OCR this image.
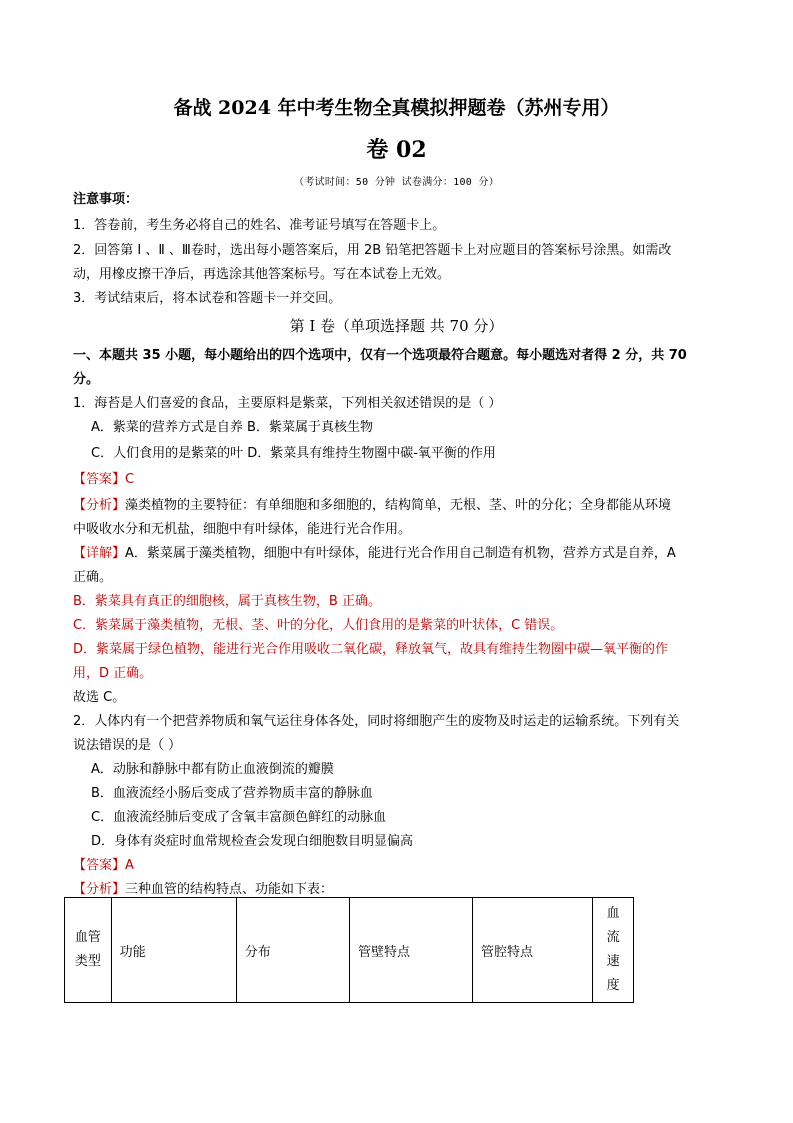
备战 2024 年中考生物全真模拟押题卷（苏州专用）
卷 02
（考试时间：50 分钟 试卷满分：100 分）
注意事项：
1．答卷前，考生务必将自己的姓名、准考证号填写在答题卡上。
2．回答第 Ⅰ 、Ⅱ 、Ⅲ卷时，选出每小题答案后，用 2B 铅笔把答题卡上对应题目的答案标号涂黑。如需改
动，用橡皮擦干净后，再选涂其他答案标号。写在本试卷上无效。
3．考试结束后，将本试卷和答题卡一并交回。
第 I 卷（单项选择题 共 70 分）
一、本题共 35 小题，每小题给出的四个选项中，仅有一个选项最符合题意。每小题选对者得 2 分，共 70
分。
1．海苔是人们喜爱的食品，主要原料是紫菜，下列相关叙述错误的是（ ）
A．紫菜的营养方式是自养 B．紫菜属于真核生物
C．人们食用的是紫菜的叶 D．紫菜具有维持生物圈中碳-氧平衡的作用
【答案】C
【分析】藻类植物的主要特征：有单细胞和多细胞的，结构简单，无根、茎、叶的分化；全身都能从环境
中吸收水分和无机盐，细胞中有叶绿体，能进行光合作用。
【详解】A．紫菜属于藻类植物，细胞中有叶绿体，能进行光合作用自己制造有机物，营养方式是自养，A
正确。
B．紫菜具有真正的细胞核，属于真核生物，B 正确。
C．紫菜属于藻类植物，无根、茎、叶的分化，人们食用的是紫菜的叶状体，C 错误。
D．紫菜属于绿色植物，能进行光合作用吸收二氧化碳，释放氧气，故具有维持生物圈中碳—氧平衡的作
用，D 正确。
故选 C。
2．人体内有一个把营养物质和氧气运往身体各处，同时将细胞产生的废物及时运走的运输系统。下列有关
说法错误的是（ ）
A．动脉和静脉中都有防止血液倒流的瓣膜
B．血液流经小肠后变成了营养物质丰富的静脉血
C．血液流经肺后变成了含氧丰富颜色鲜红的动脉血
D．身体有炎症时血常规检查会发现白细胞数目明显偏高
【答案】A
【分析】三种血管的结构特点、功能如下表：
血管类型	功能	分布	管壁特点	管腔特点	血流速度
